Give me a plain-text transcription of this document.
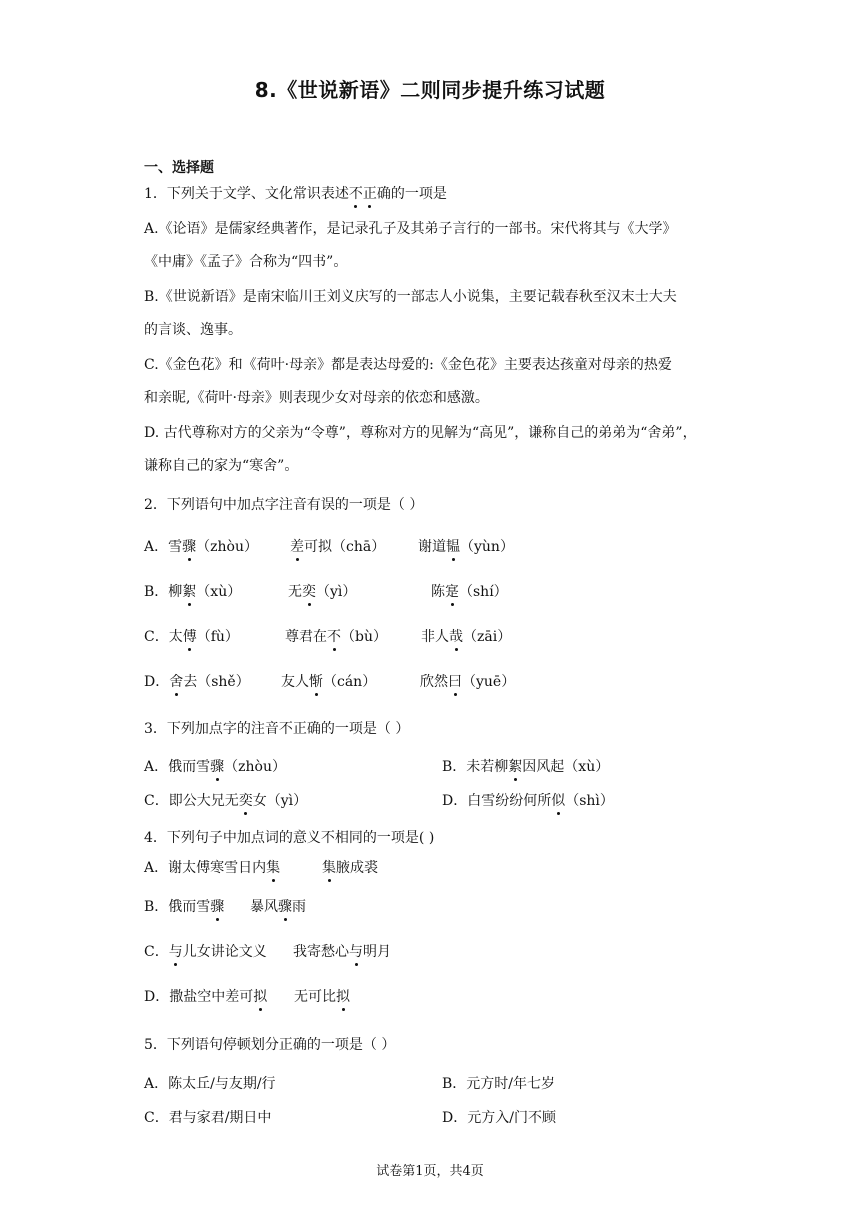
8.《世说新语》二则同步提升练习试题
一、选择题
1．下列关于文学、文化常识表述不正确的一项是
A.《论语》是儒家经典著作，是记录孔子及其弟子言行的一部书。宋代将其与《大学》
《中庸》《孟子》合称为“四书”。
B.《世说新语》是南宋临川王刘义庆写的一部志人小说集，主要记载春秋至汉末士大夫
的言谈、逸事。
C.《金色花》和《荷叶·母亲》都是表达母爱的:《金色花》主要表达孩童对母亲的热爱
和亲昵,《荷叶·母亲》则表现少女对母亲的依恋和感激。
D. 古代尊称对方的父亲为“令尊”，尊称对方的见解为“高见”，谦称自己的弟弟为“舍弟”，
谦称自己的家为“寒舍”。
2．下列语句中加点字注音有误的一项是（ ）
A．雪骤（zhòu） 差可拟（chā） 谢道韫（yùn）
B．柳絮（xù）	无奕（yì）	陈寔（shí）
C．太傅（fù）	尊君在不（bù） 非人哉（zāi）
D．舍去（shě） 友人惭（cán）	欣然曰（yuē）
3．下列加点字的注音不正确的一项是（ ）
A．俄而雪骤（zhòu）	B．未若柳絮因风起（xù）
C．即公大兄无奕女（yì）	D．白雪纷纷何所似（shì）
4．下列句子中加点词的意义不相同的一项是( )
A．谢太傅寒雪日内集	集腋成裘
B．俄而雪骤 暴风骤雨
C．与儿女讲论文义 我寄愁心与明月
D．撒盐空中差可拟 无可比拟
5．下列语句停顿划分正确的一项是（ ）
A．陈太丘/与友期/行	B．元方时/年七岁
C．君与家君/期日中	D．元方入/门不顾
试卷第1页，共4页
